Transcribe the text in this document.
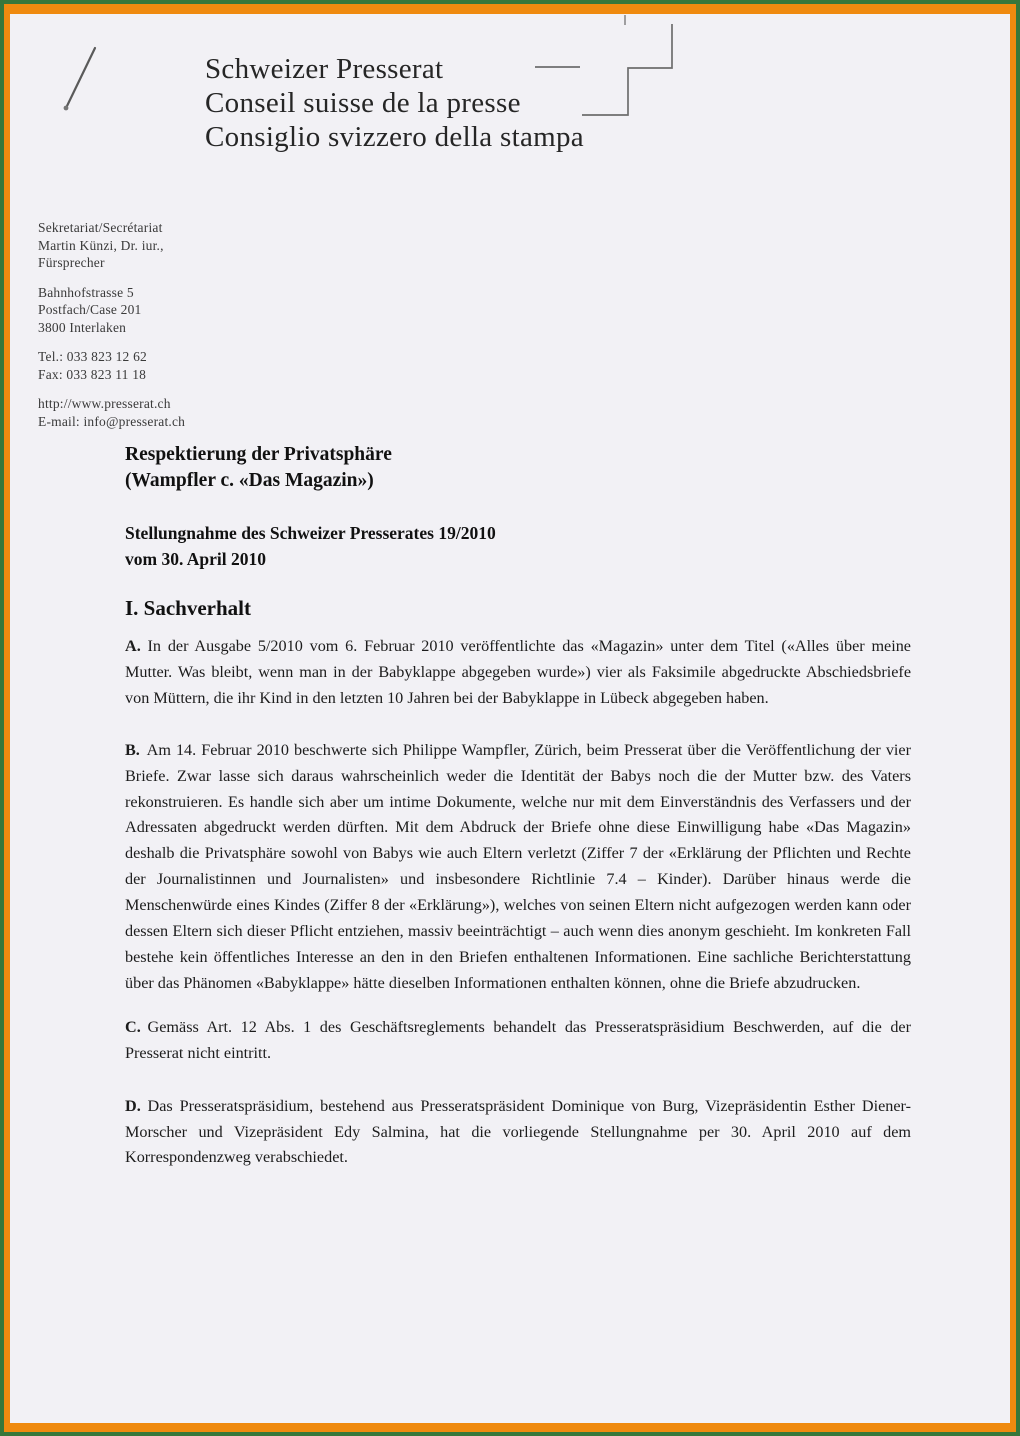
Schweizer Presserat
Conseil suisse de la presse
Consiglio svizzero della stampa
Sekretariat/Secrétariat
Martin Künzi, Dr. iur.,
Fürsprecher
Bahnhofstrasse 5
Postfach/Case 201
3800 Interlaken
Tel.: 033 823 12 62
Fax: 033 823 11 18
http://www.presserat.ch
E-mail: info@presserat.ch
Respektierung der Privatsphäre
(Wampfler c. «Das Magazin»)
Stellungnahme des Schweizer Presserates 19/2010
vom 30. April 2010
I. Sachverhalt

A. In der Ausgabe 5/2010 vom 6. Februar 2010 veröffentlichte das «Magazin» unter dem Titel («Alles über meine Mutter. Was bleibt, wenn man in der Babyklappe abgegeben wurde») vier als Faksimile abgedruckte Abschiedsbriefe von Müttern, die ihr Kind in den letzten 10 Jahren bei der Babyklappe in Lübeck abgegeben haben.

B. Am 14. Februar 2010 beschwerte sich Philippe Wampfler, Zürich, beim Presserat über die Veröffentlichung der vier Briefe. Zwar lasse sich daraus wahrscheinlich weder die Identität der Babys noch die der Mutter bzw. des Vaters rekonstruieren. Es handle sich aber um intime Dokumente, welche nur mit dem Einverständnis des Verfassers und der Adressaten abgedruckt werden dürften. Mit dem Abdruck der Briefe ohne diese Einwilligung habe «Das Magazin» deshalb die Privatsphäre sowohl von Babys wie auch Eltern verletzt (Ziffer 7 der «Erklärung der Pflichten und Rechte der Journalistinnen und Journalisten» und insbesondere Richtlinie 7.4 – Kinder). Darüber hinaus werde die Menschenwürde eines Kindes (Ziffer 8 der «Erklärung»), welches von seinen Eltern nicht aufgezogen werden kann oder dessen Eltern sich dieser Pflicht entziehen, massiv beeinträchtigt – auch wenn dies anonym geschieht. Im konkreten Fall bestehe kein öffentliches Interesse an den in den Briefen enthaltenen Informationen. Eine sachliche Berichterstattung über das Phänomen «Babyklappe» hätte dieselben Informationen enthalten können, ohne die Briefe abzudrucken.

C. Gemäss Art. 12 Abs. 1 des Geschäftsreglements behandelt das Presseratspräsidium Beschwerden, auf die der Presserat nicht eintritt.

D. Das Presseratspräsidium, bestehend aus Presseratspräsident Dominique von Burg, Vizepräsidentin Esther Diener-Morscher und Vizepräsident Edy Salmina, hat die vorliegende Stellungnahme per 30. April 2010 auf dem Korrespondenzweg verabschiedet.
